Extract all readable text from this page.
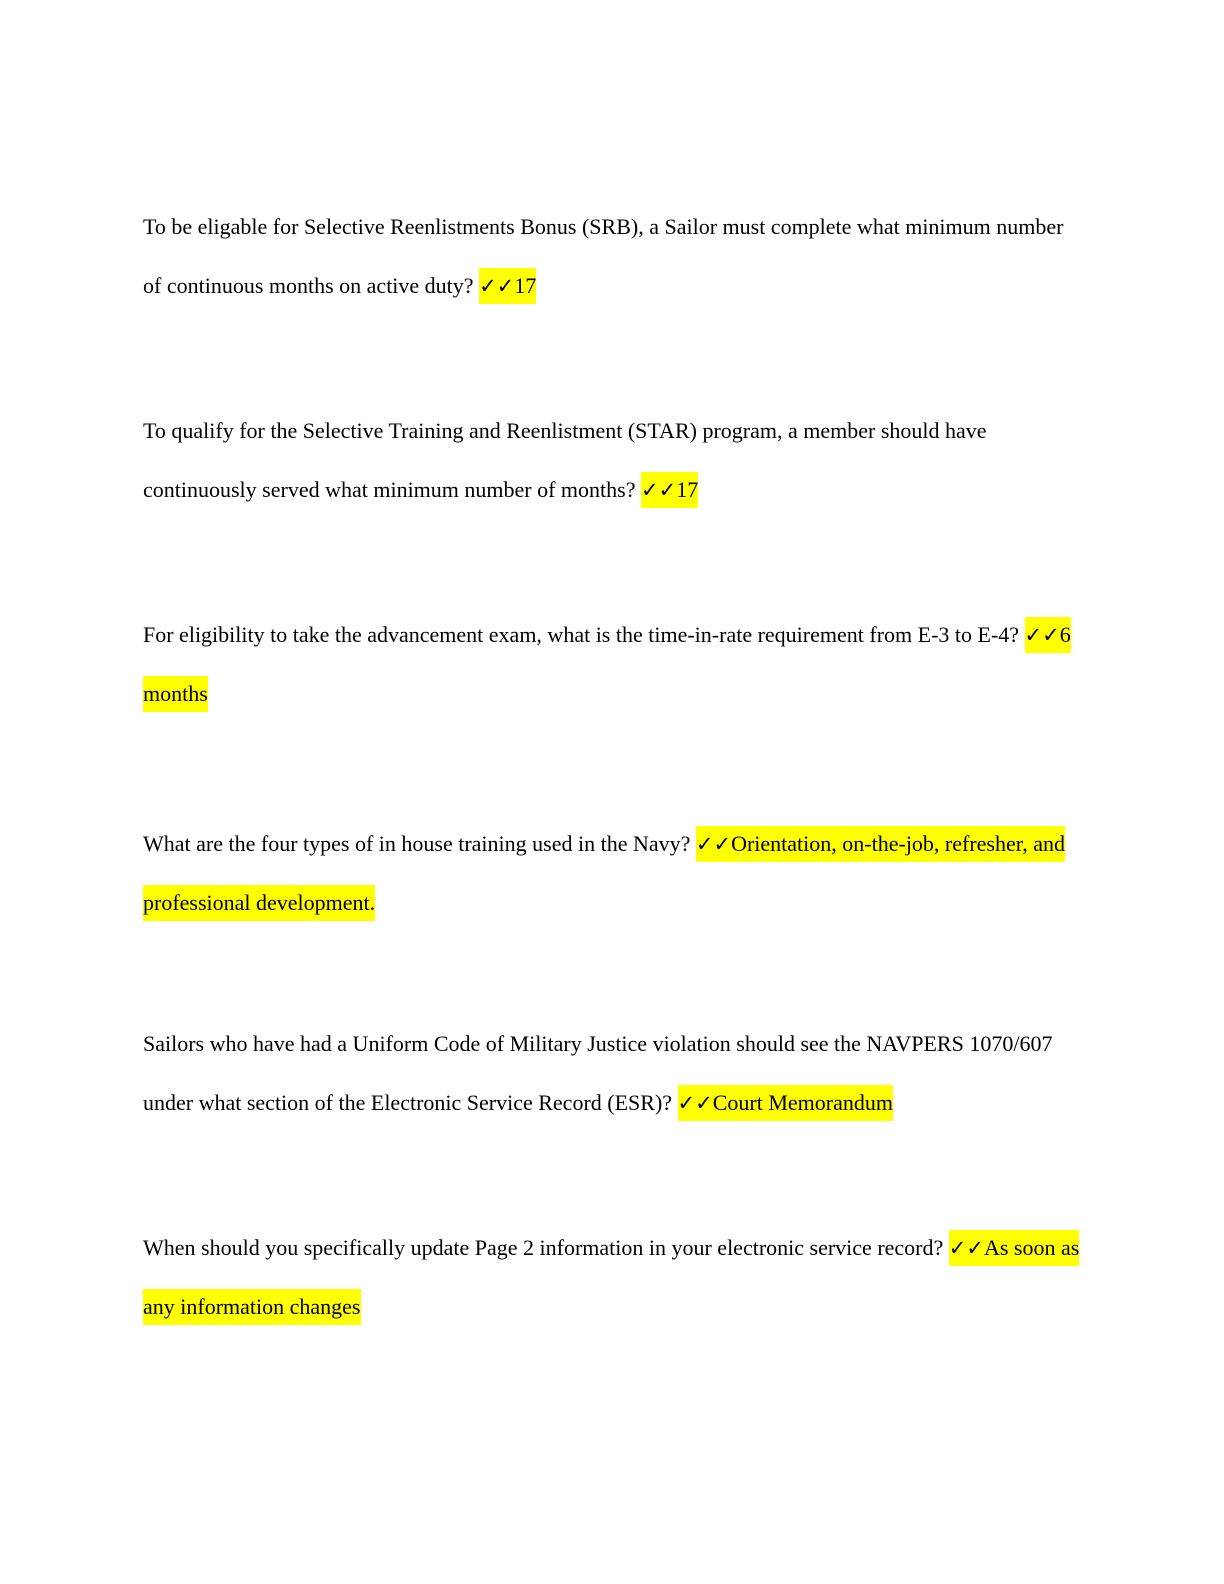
To be eligable for Selective Reenlistments Bonus (SRB), a Sailor must complete what minimum number of continuous months on active duty? ✓✓17

To qualify for the Selective Training and Reenlistment (STAR) program, a member should have continuously served what minimum number of months? ✓✓17

For eligibility to take the advancement exam, what is the time-in-rate requirement from E-3 to E-4? ✓✓6 months

What are the four types of in house training used in the Navy? ✓✓Orientation, on-the-job, refresher, and professional development.

Sailors who have had a Uniform Code of Military Justice violation should see the NAVPERS 1070/607 under what section of the Electronic Service Record (ESR)? ✓✓Court Memorandum

When should you specifically update Page 2 information in your electronic service record? ✓✓As soon as any information changes
